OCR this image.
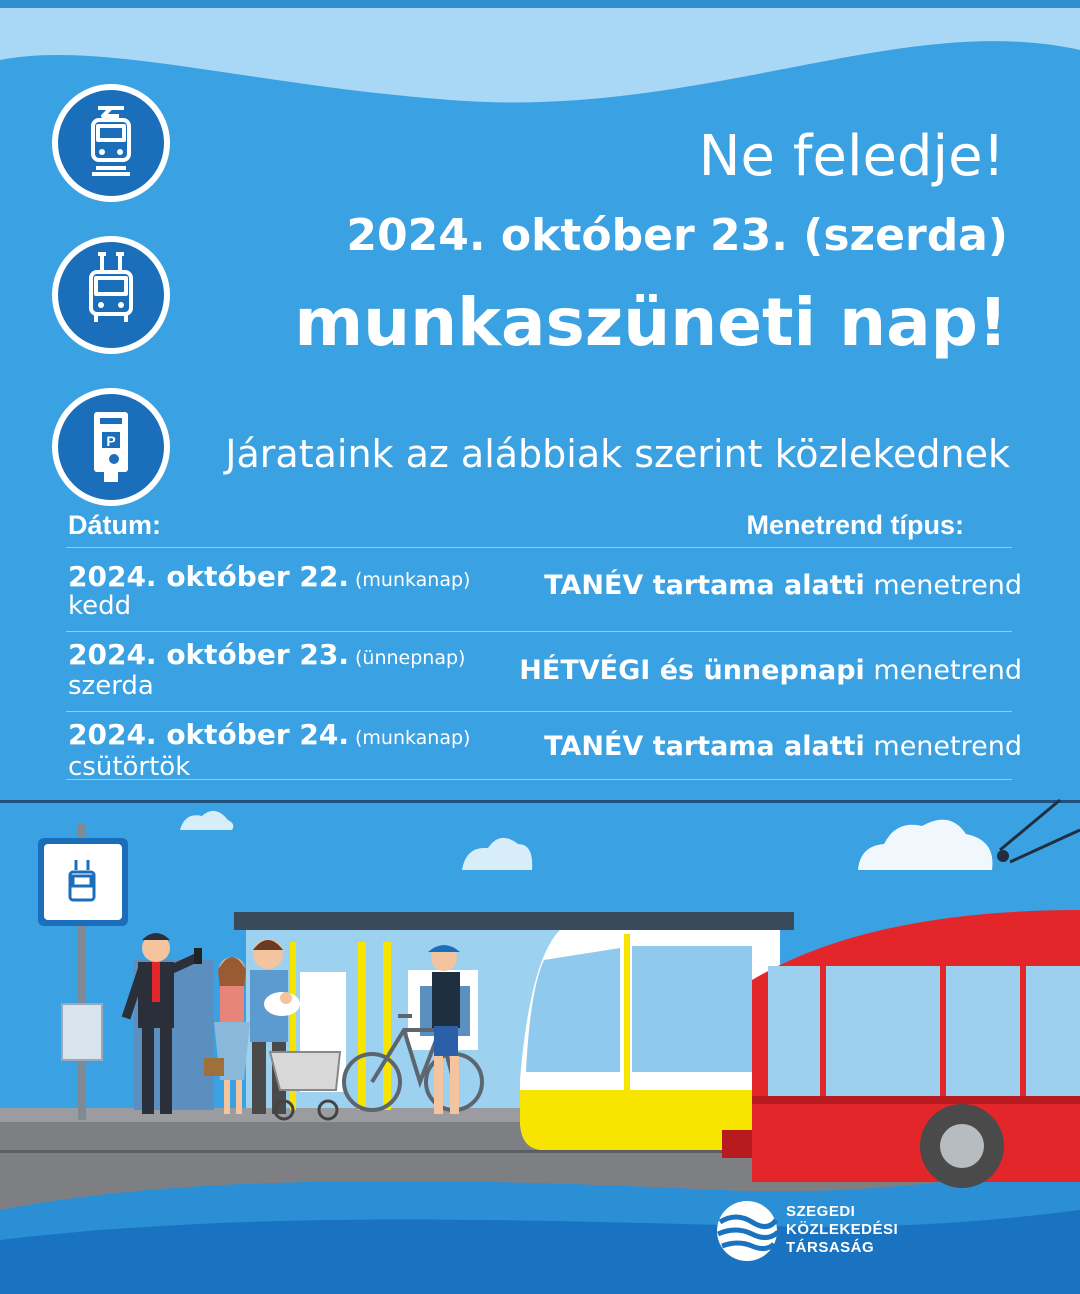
P
Ne feledje!
2024. október 23. (szerda)
munkaszüneti nap!
Járataink az alábbiak szerint közlekednek
Dátum:	Menetrend típus:
2024. október 22. (munkanap)
kedd
TANÉV tartama alatti menetrend
2024. október 23. (ünnepnap)
szerda	HÉTVÉGI és ünnepnapi menetrend
2024. október 24. (munkanap)
csütörtök
TANÉV tartama alatti menetrend
SZEGEDI
KÖZLEKEDÉSI
TÁRSASÁG
